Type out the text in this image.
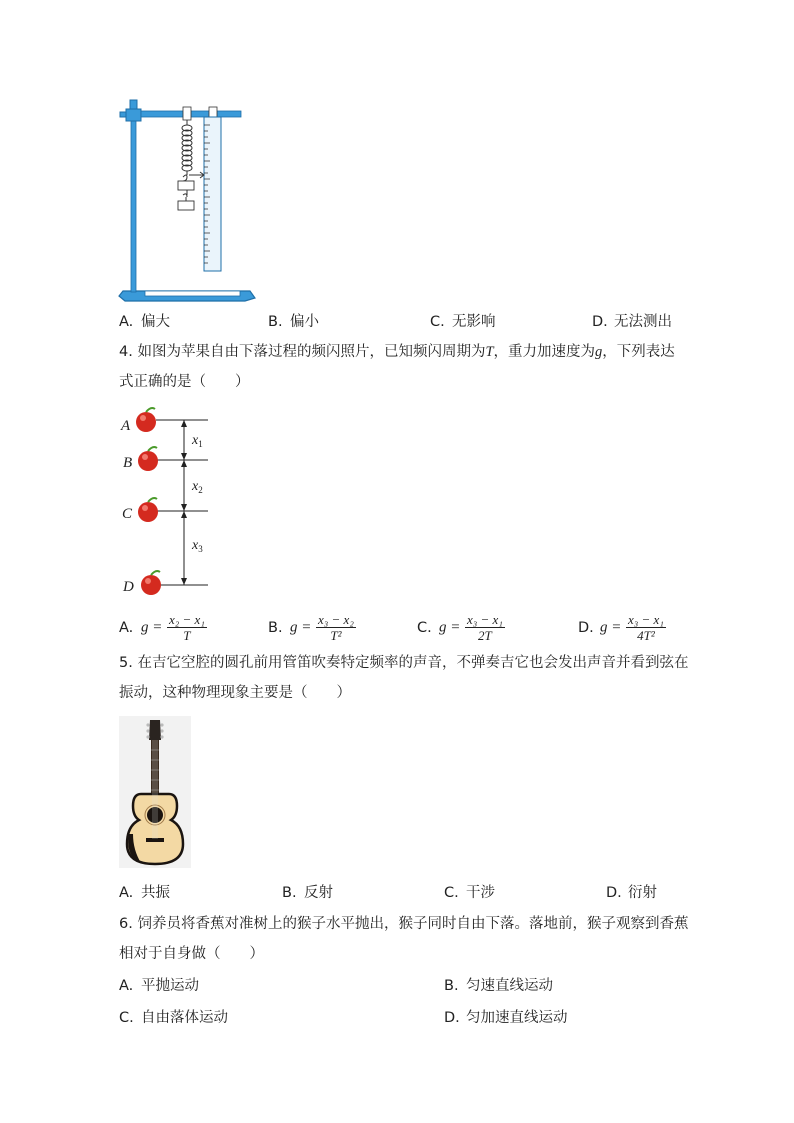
A. 偏大	B. 偏小	C. 无影响	D. 无法测出
4. 如图为苹果自由下落过程的频闪照片，已知频闪周期为T，重力加速度为g，下列表达
式正确的是（　　）
A
B
C
D
$x_1$
$x_2$
$x_3$
A. $g = \frac{\text{x₂ − x₁}}{T}$	B. $g = \frac{\text{x₃ − x₂}}{\text{T²}}$	C. $g = \frac{\text{x₃ − x₁}}{2T}$	D. $g = \frac{\text{x₃ − x₁}}{\text{4T²}}$
5. 在吉它空腔的圆孔前用管笛吹奏特定频率的声音，不弹奏吉它也会发出声音并看到弦在
振动，这种物理现象主要是（　　）
A. 共振	B. 反射	C. 干涉	D. 衍射
6. 饲养员将香蕉对准树上的猴子水平抛出，猴子同时自由下落。落地前，猴子观察到香蕉
相对于自身做（　　）
A. 平抛运动	B. 匀速直线运动
C. 自由落体运动	D. 匀加速直线运动
